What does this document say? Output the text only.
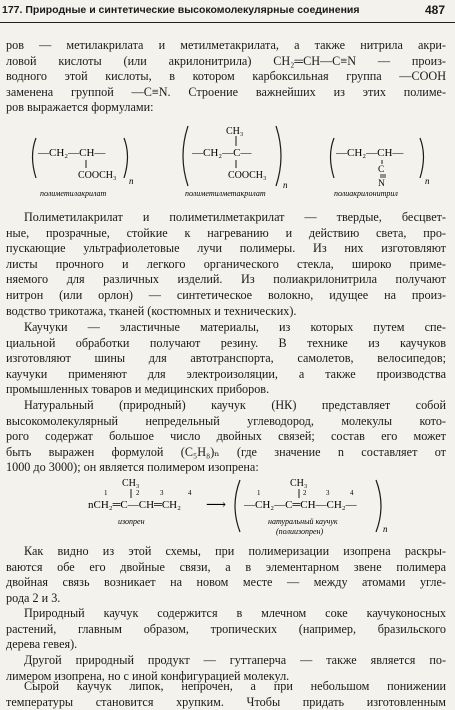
177. Природные и синтетические высокомолекулярные соединения	487
ров — метилакрилата и метилметакрилата, а также нитрила акри-
ловой кислоты (или акрилонитрила) CH₂═CH—C≡N — произ-
водного этой кислоты, в котором карбоксильная группа —COOH
заменена группой —C≡N. Строение важнейших из этих полиме-
ров выражается формулами:
—CH₂—CH—
COOCH₃ n
полиметилакрилат
CH₃
—CH₂—C—
COOCH₃
n
полиметилметакрилат
—CH₂—CH—
C
N	n
полиакрилонитрил
Полиметилакрилат и полиметилметакрилат — твердые, бесцвет-
ные, прозрачные, стойкие к нагреванию и действию света, про-
пускающие ультрафиолетовые лучи полимеры. Из них изготовляют
листы прочного и легкого органического стекла, широко приме-
няемого для различных изделий. Из полиакрилонитрила получают
нитрон (или орлон) — синтетическое волокно, идущее на произ-
водство трикотажа, тканей (костюмных и технических).
Каучуки — эластичные материалы, из которых путем спе-
циальной обработки получают резину. В технике из каучуков
изготовляют шины для автотранспорта, самолетов, велосипедов;
каучуки применяют для электроизоляции, а также производства
промышленных товаров и медицинских приборов.
Натуральный (природный) каучук (НК) представляет собой
высокомолекулярный непредельный углеводород, молекулы кото-
рого содержат большое число двойных связей; состав его может
быть выражен формулой (C₅H₈)ₙ (где значение n составляет от
1000 до 3000); он является полимером изопрена:
CH₃
1	2	3	4
nCH₂═C—CH═CH₂
изопрен
⟶
CH₃
1	2	3	4
—CH₂—C═CH—CH₂—
n
натуральный каучук
(полиизопрен)
Как видно из этой схемы, при полимеризации изопрена раскры-
ваются обе его двойные связи, а в элементарном звене полимера
двойная связь возникает на новом месте — между атомами угле-
рода 2 и 3.
Природный каучук содержится в млечном соке каучуконосных
растений, главным образом, тропических (например, бразильского
дерева гевея).
Другой природный продукт — гуттаперча — также является по-
лимером изопрена, но с иной конфигурацией молекул.
Сырой каучук липок, непрочен, а при небольшом понижении
температуры становится хрупким. Чтобы придать изготовленным
